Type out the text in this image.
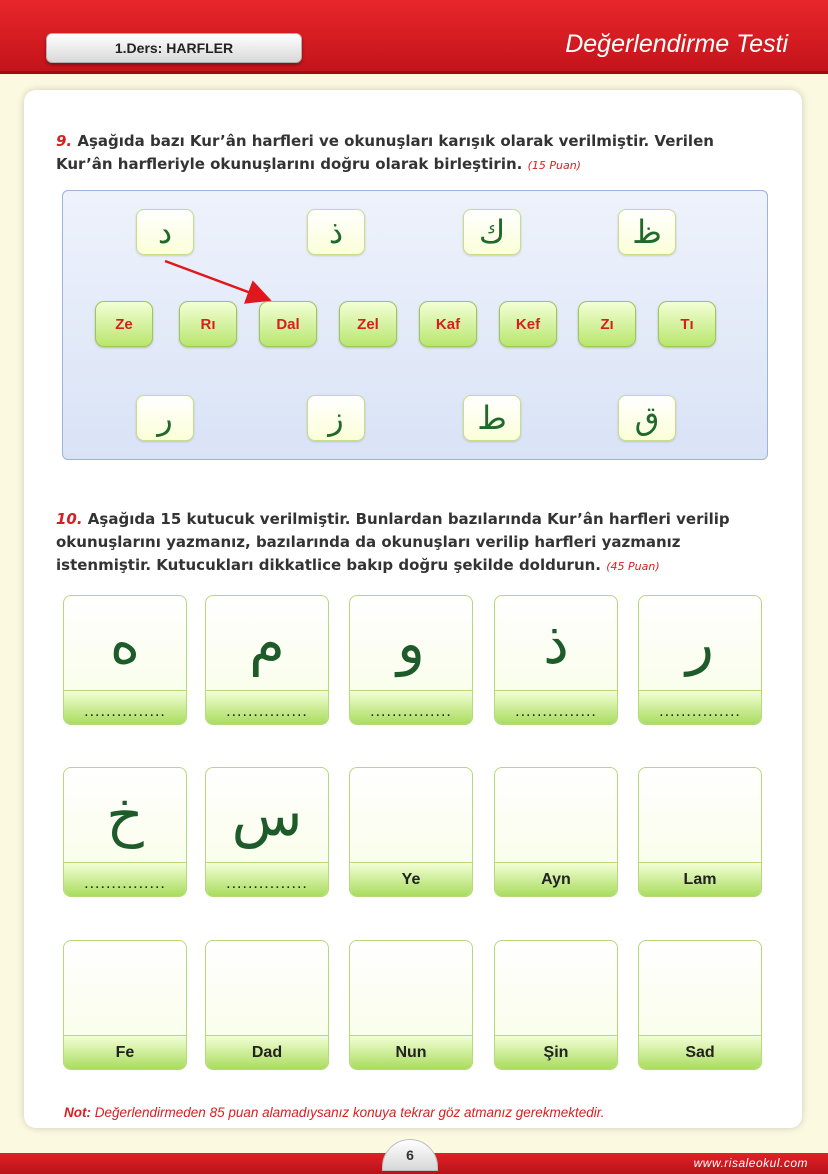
1.Ders: HARFLER	Değerlendirme Testi
9. Aşağıda bazı Kur’ân harfleri ve okunuşları karışık olarak verilmiştir. Verilen Kur’ân harfleriyle okunuşlarını doğru olarak birleştirin. (15 Puan)
د	ذ	ك	ظ
Ze	Rı	Dal	Zel	Kaf	Kef	Zı	Tı
ر	ز	ط	ق
10. Aşağıda 15 kutucuk verilmiştir. Bunlardan bazılarında Kur’ân harfleri verilip okunuşlarını yazmanız, bazılarında da okunuşları verilip harfleri yazmanız istenmiştir. Kutucukları dikkatlice bakıp doğru şekilde doldurun. (45 Puan)
ه
...............
م
...............
و
...............
ذ
...............
ر
...............
خ
...............
س
...............	Ye	Ayn	Lam
Fe	Dad	Nun	Şin	Sad
Not: Değerlendirmeden 85 puan alamadıysanız konuya tekrar göz atmanız gerekmektedir.
6	www.risaleokul.com
